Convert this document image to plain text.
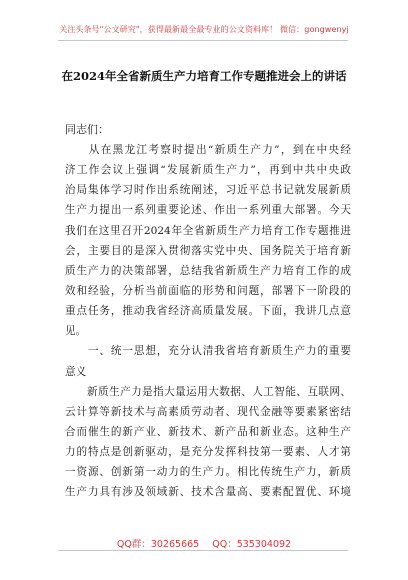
关注头条号"公文研究"，获得最新最全最专业的公文资料库！ 微信：gongwenyj
在2024年全省新质生产力培育工作专题推进会上的讲话
同志们：
　　从在黑龙江考察时提出“新质生产力”，到在中央经
济工作会议上强调“发展新质生产力”，再到中共中央政
治局集体学习时作出系统阐述，习近平总书记就发展新质
生产力提出一系列重要论述、作出一系列重大部署。今天
我们在这里召开2024年全省新质生产力培育工作专题推进
会，主要目的是深入贯彻落实党中央、国务院关于培育新
质生产力的决策部署，总结我省新质生产力培育工作的成
效和经验，分析当前面临的形势和问题，部署下一阶段的
重点任务，推动我省经济高质量发展。下面，我讲几点意
见。
　　一、统一思想，充分认清我省培育新质生产力的重要
意义
　　新质生产力是指大量运用大数据、人工智能、互联网、
云计算等新技术与高素质劳动者、现代金融等要素紧密结
合而催生的新产业、新技术、新产品和新业态。这种生产
力的特点是创新驱动，是充分发挥科技第一要素、人才第
一资源、创新第一动力的生产力。相比传统生产力，新质
生产力具有涉及领域新、技术含量高、要素配置优、环境
QQ群：30265665 QQ：535304092
